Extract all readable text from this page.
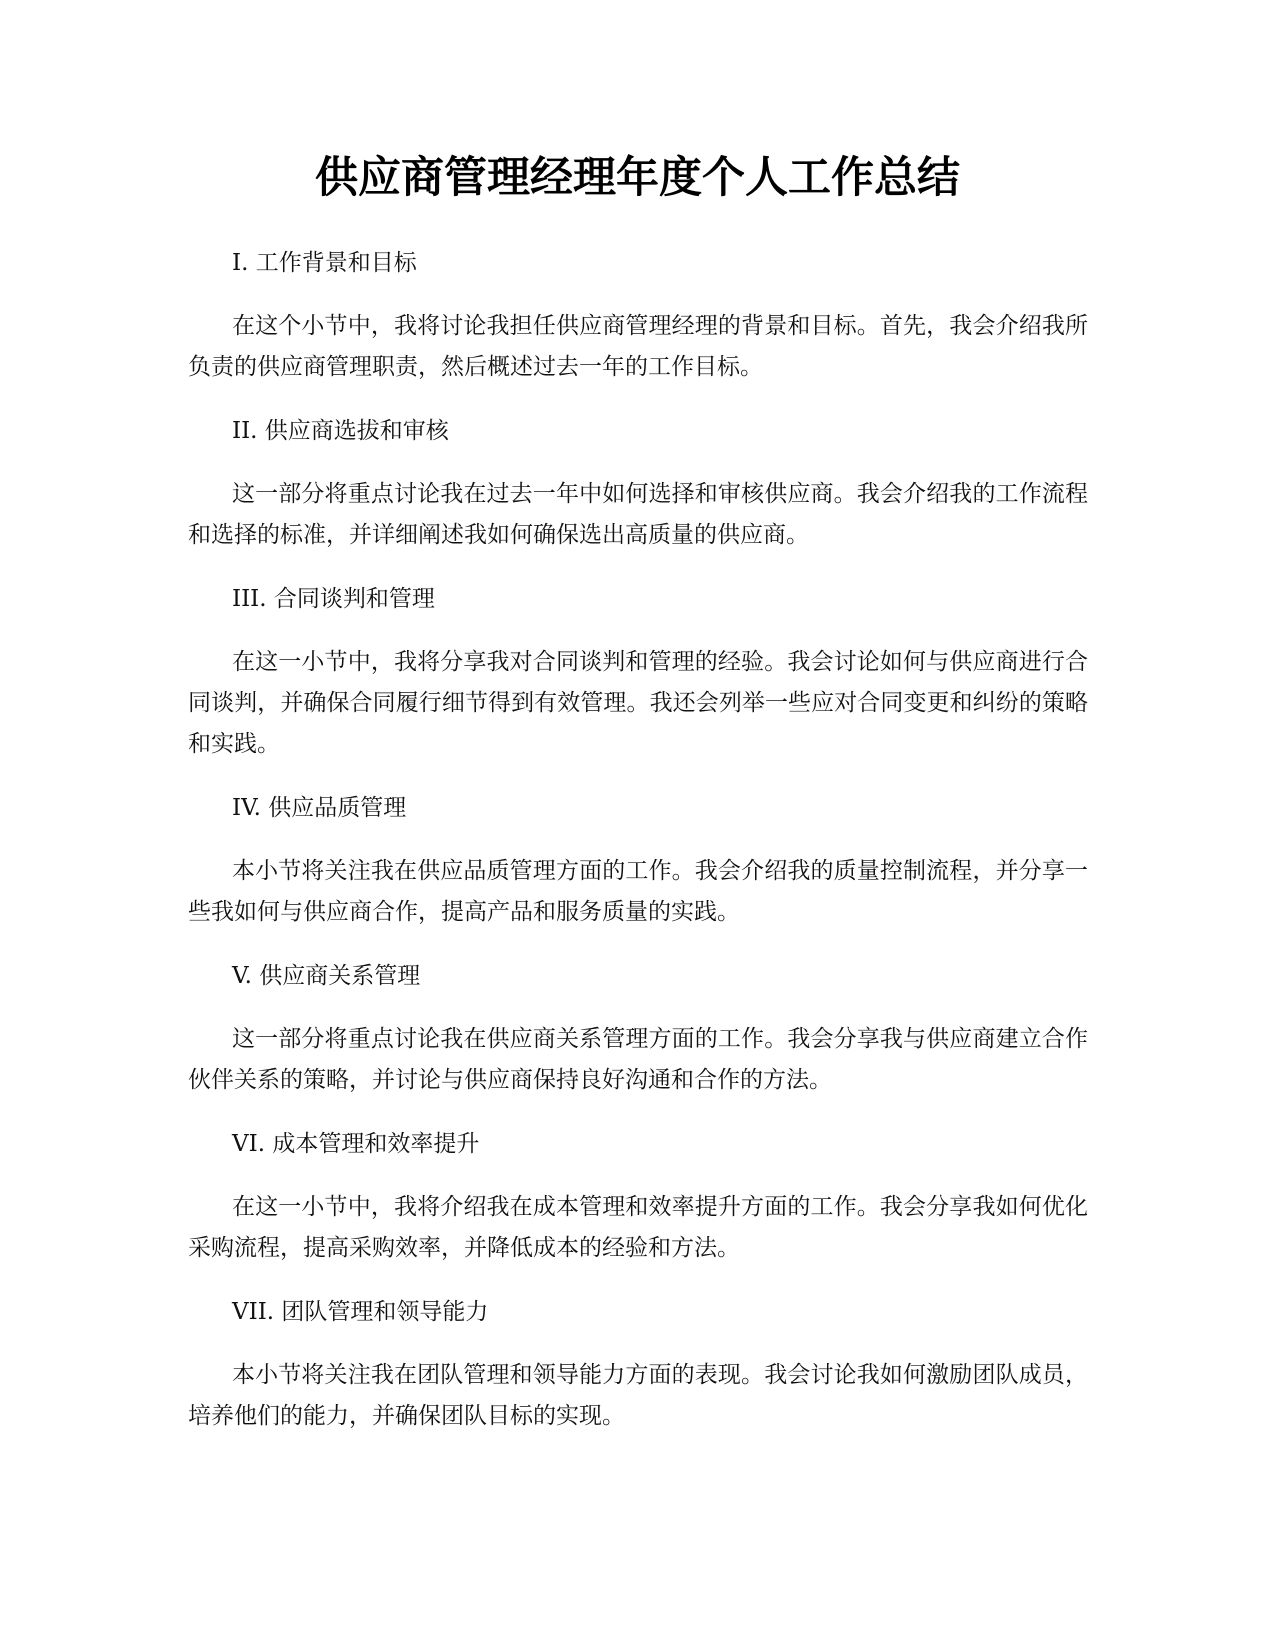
供应商管理经理年度个人工作总结

I. 工作背景和目标

在这个小节中，我将讨论我担任供应商管理经理的背景和目标。首先，我会介绍我所负责的供应商管理职责，然后概述过去一年的工作目标。

II. 供应商选拔和审核

这一部分将重点讨论我在过去一年中如何选择和审核供应商。我会介绍我的工作流程和选择的标准，并详细阐述我如何确保选出高质量的供应商。

III. 合同谈判和管理

在这一小节中，我将分享我对合同谈判和管理的经验。我会讨论如何与供应商进行合同谈判，并确保合同履行细节得到有效管理。我还会列举一些应对合同变更和纠纷的策略和实践。

IV. 供应品质管理

本小节将关注我在供应品质管理方面的工作。我会介绍我的质量控制流程，并分享一些我如何与供应商合作，提高产品和服务质量的实践。

V. 供应商关系管理

这一部分将重点讨论我在供应商关系管理方面的工作。我会分享我与供应商建立合作伙伴关系的策略，并讨论与供应商保持良好沟通和合作的方法。

VI. 成本管理和效率提升

在这一小节中，我将介绍我在成本管理和效率提升方面的工作。我会分享我如何优化采购流程，提高采购效率，并降低成本的经验和方法。

VII. 团队管理和领导能力

本小节将关注我在团队管理和领导能力方面的表现。我会讨论我如何激励团队成员，培养他们的能力，并确保团队目标的实现。
